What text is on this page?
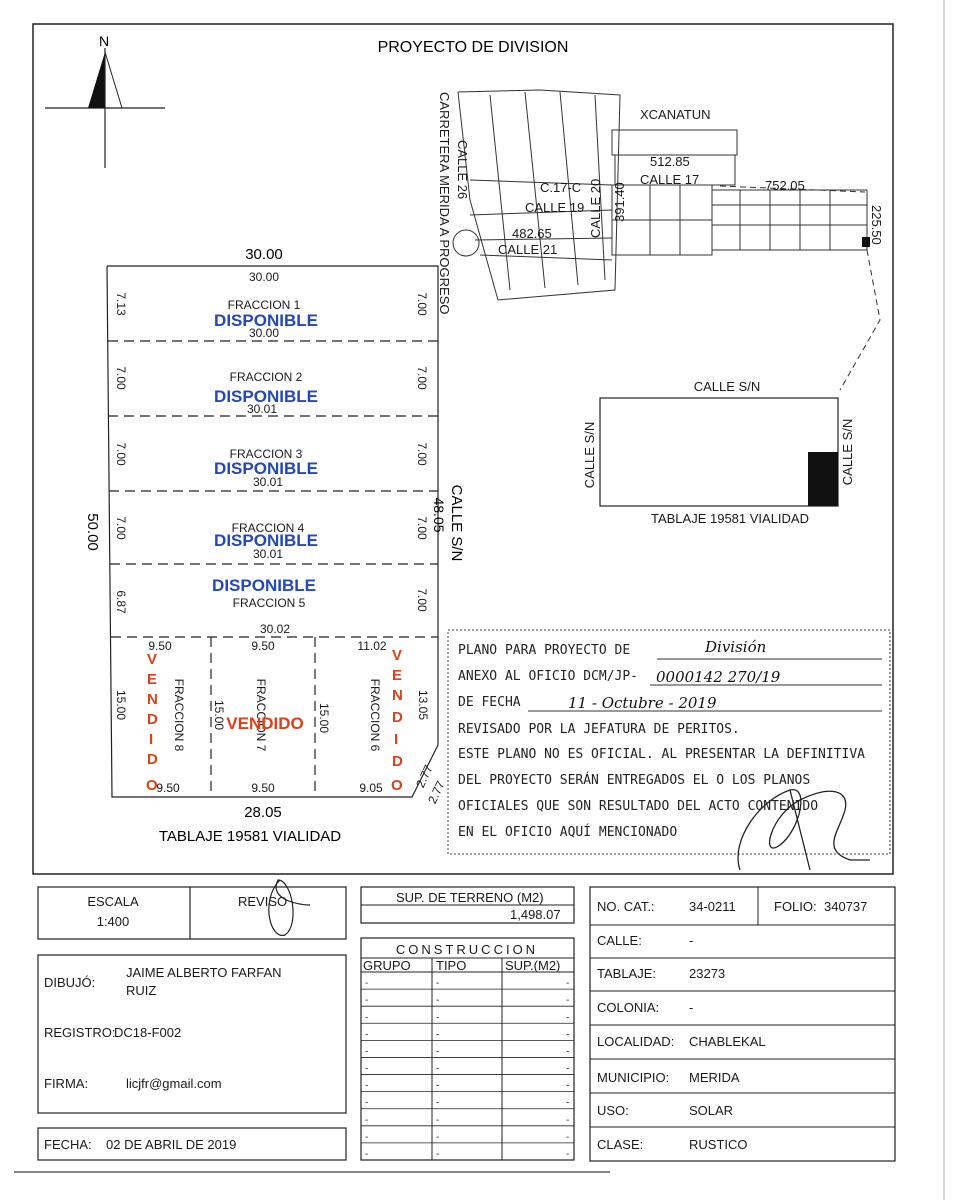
PROYECTO DE DIVISION
N
XCANATUN
CARRETERA MERIDA A PROGRESO CALLE 26	C.17-C CALLE 20
CALLE 19
CALLE 21
CALLE 17
512.85
752.05
391.40
482.65	225.50
CALLE S/N
CALLE S/N	CALLE S/N
TABLAJE 19581 VIALIDAD
30.00
50.00	CALLE S/N
48.05
28.05
TABLAJE 19581 VIALIDAD
30.00
FRACCION 1
DISPONIBLE
30.00
7.13	7.00
FRACCION 2
DISPONIBLE
30.01
7.00	7.00
FRACCION 3
DISPONIBLE
30.01
7.00	7.00
FRACCION 4
DISPONIBLE
30.01
7.00	7.00
DISPONIBLE
FRACCION 5
30.02
6.87	7.00
9.50
9.50
15.00	FRACCION 8
V
E
N
D
I
D
O
9.50
9.50
15.00 FRACCION 7
VENDIDO
11.02
9.05
15.00	FRACCION 6	13.05
2.77
2.77
V
E
N
D
I
D
O
PLANO PARA PROYECTO DE	División
ANEXO AL OFICIO DCM/JP- 0000142 270/19
DE FECHA	11 - Octubre - 2019
REVISADO POR LA JEFATURA DE PERITOS.
ESTE PLANO NO ES OFICIAL. AL PRESENTAR LA DEFINITIVA
DEL PROYECTO SERÁN ENTREGADOS EL O LOS PLANOS
OFICIALES QUE SON RESULTADO DEL ACTO CONTENIDO
EN EL OFICIO AQUÍ MENCIONADO
ESCALA
1:400
REVISO
DIBUJÓ:
JAIME ALBERTO FARFAN
RUIZ
REGISTRO:
DC18-F002
FIRMA:	licjfr@gmail.com
FECHA: 02 DE ABRIL DE 2019
SUP. DE TERRENO (M2)
1,498.07
CONSTRUCCION
GRUPO TIPO	SUP.(M2)
-	-	-
-	-	-
-	-	-
-	-	-
-	-	-
-	-	-
-	-	-
-	-	-
-	-	-
-	-	-
-	-	-
NO. CAT.:	34-0211	FOLIO: 340737
CALLE:	-
TABLAJE:	23273
COLONIA: -
LOCALIDAD: CHABLEKAL
MUNICIPIO: MERIDA
USO:	SOLAR
CLASE:	RUSTICO
